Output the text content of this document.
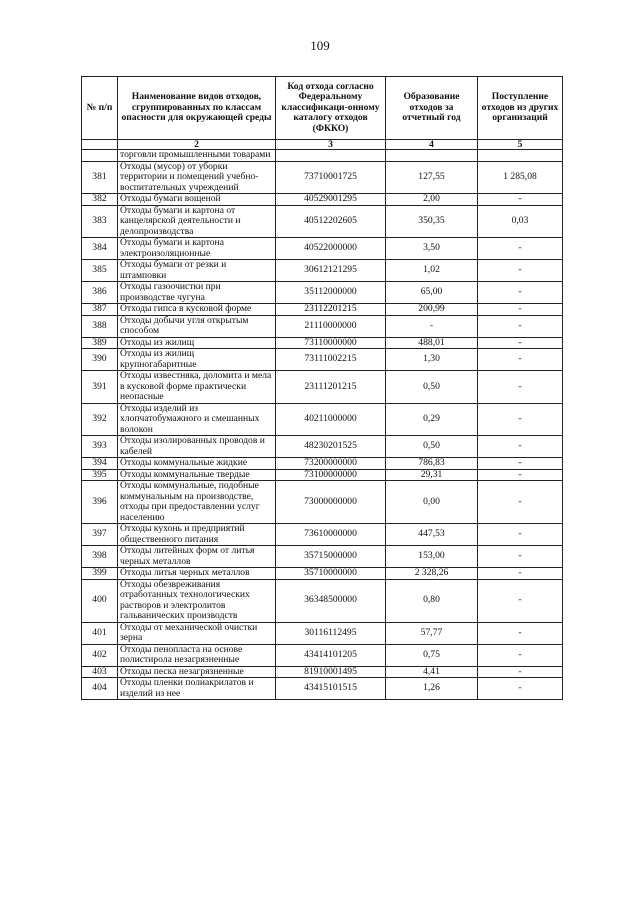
109
№ п/п	Наименование видов отходов, сгруппированных по классам опасности для окружающей среды	Код отхода согласно Федеральному классификаци-онному каталогу отходов (ФККО)	Образование отходов за отчетный год	Поступление отходов из других организаций
	2	3	4	5
	торговли промышленными товарами			
381	Отходы (мусор) от уборки территории и помещений учебно-воспитательных учреждений	73710001725	127,55	1 285,08
382	Отходы бумаги вощеной	40529001295	2,00	-
383	Отходы бумаги и картона от канцелярской деятельности и делопроизводства	40512202605	350,35	0,03
384	Отходы бумаги и картона электроизоляционные	40522000000	3,50	-
385	Отходы бумаги от резки и штамповки	30612121295	1,02	-
386	Отходы газоочистки при производстве чугуна	35112000000	65,00	-
387	Отходы гипса в кусковой форме	23112201215	200,99	-
388	Отходы добычи угля открытым способом	21110000000	-	-
389	Отходы из жилищ	73110000000	488,01	-
390	Отходы из жилищ крупногабаритные	73111002215	1,30	-
391	Отходы известняка, доломита и мела в кусковой форме практически неопасные	23111201215	0,50	-
392	Отходы изделий из хлопчатобумажного и смешанных волокон	40211000000	0,29	-
393	Отходы изолированных проводов и кабелей	48230201525	0,50	-
394	Отходы коммунальные жидкие	73200000000	786,83	-
395	Отходы коммунальные твердые	73100000000	29,31	-
396	Отходы коммунальные, подобные коммунальным на производстве, отходы при предоставлении услуг населению	73000000000	0,00	-
397	Отходы кухонь и предприятий общественного питания	73610000000	447,53	-
398	Отходы литейных форм от литья черных металлов	35715000000	153,00	-
399	Отходы литья черных металлов	35710000000	2 328,26	-
400	Отходы обезвреживания отработанных технологических растворов и электролитов гальванических производств	36348500000	0,80	-
401	Отходы от механической очистки зерна	30116112495	57,77	-
402	Отходы пенопласта на основе полистирола незагрязненные	43414101205	0,75	-
403	Отходы песка незагрязненные	81910001495	4,41	-
404	Отходы пленки полиакрилатов и изделий из нее	43415101515	1,26	-
